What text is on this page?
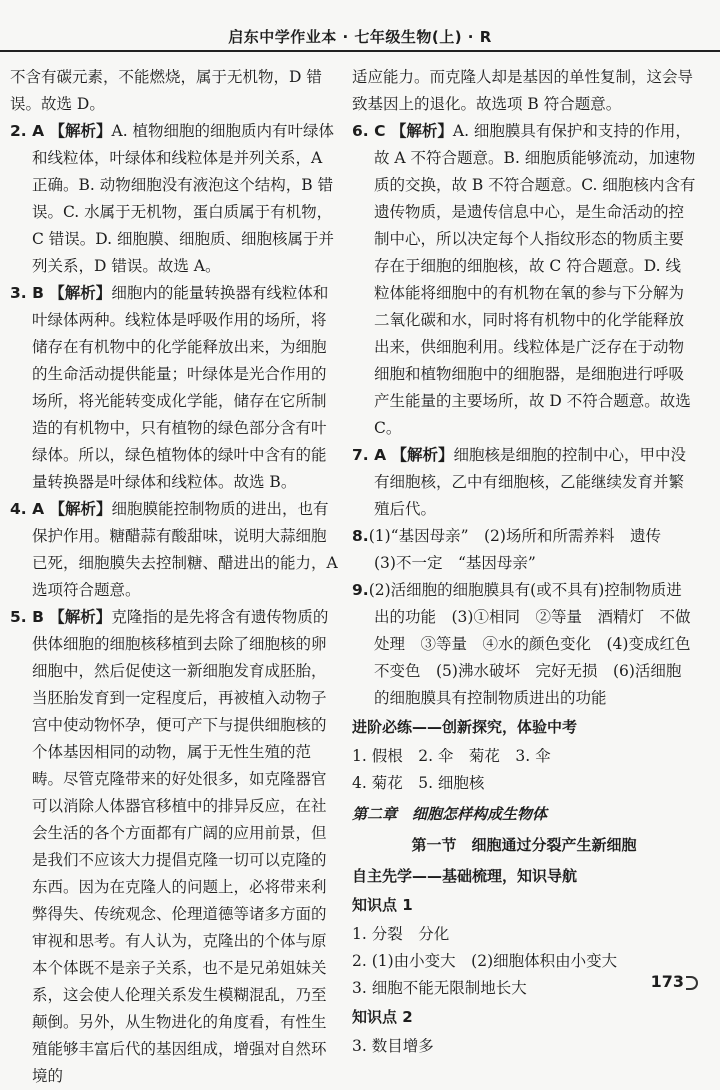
启东中学作业本 · 七年级生物(上) · R

不含有碳元素，不能燃烧，属于无机物，D 错误。故选 D。

2. A 【解析】A. 植物细胞的细胞质内有叶绿体和线粒体，叶绿体和线粒体是并列关系，A 正确。B. 动物细胞没有液泡这个结构，B 错误。C. 水属于无机物，蛋白质属于有机物，C 错误。D. 细胞膜、细胞质、细胞核属于并列关系，D 错误。故选 A。

3. B 【解析】细胞内的能量转换器有线粒体和叶绿体两种。线粒体是呼吸作用的场所，将储存在有机物中的化学能释放出来，为细胞的生命活动提供能量；叶绿体是光合作用的场所，将光能转变成化学能，储存在它所制造的有机物中，只有植物的绿色部分含有叶绿体。所以，绿色植物体的绿叶中含有的能量转换器是叶绿体和线粒体。故选 B。

4. A 【解析】细胞膜能控制物质的进出，也有保护作用。糖醋蒜有酸甜味，说明大蒜细胞已死，细胞膜失去控制糖、醋进出的能力，A 选项符合题意。

5. B 【解析】克隆指的是先将含有遗传物质的供体细胞的细胞核移植到去除了细胞核的卵细胞中，然后促使这一新细胞发育成胚胎，当胚胎发育到一定程度后，再被植入动物子宫中使动物怀孕，便可产下与提供细胞核的个体基因相同的动物，属于无性生殖的范畴。尽管克隆带来的好处很多，如克隆器官可以消除人体器官移植中的排异反应，在社会生活的各个方面都有广阔的应用前景，但是我们不应该大力提倡克隆一切可以克隆的东西。因为在克隆人的问题上，必将带来利弊得失、传统观念、伦理道德等诸多方面的审视和思考。有人认为，克隆出的个体与原本个体既不是亲子关系，也不是兄弟姐妹关系，这会使人伦理关系发生模糊混乱，乃至颠倒。另外，从生物进化的角度看，有性生殖能够丰富后代的基因组成，增强对自然环境的

适应能力。而克隆人却是基因的单性复制，这会导致基因上的退化。故选项 B 符合题意。

6. C 【解析】A. 细胞膜具有保护和支持的作用，故 A 不符合题意。B. 细胞质能够流动，加速物质的交换，故 B 不符合题意。C. 细胞核内含有遗传物质，是遗传信息中心，是生命活动的控制中心，所以决定每个人指纹形态的物质主要存在于细胞的细胞核，故 C 符合题意。D. 线粒体能将细胞中的有机物在氧的参与下分解为二氧化碳和水，同时将有机物中的化学能释放出来，供细胞利用。线粒体是广泛存在于动物细胞和植物细胞中的细胞器，是细胞进行呼吸产生能量的主要场所，故 D 不符合题意。故选 C。

7. A 【解析】细胞核是细胞的控制中心，甲中没有细胞核，乙中有细胞核，乙能继续发育并繁殖后代。

8.(1)“基因母亲”　(2)场所和所需养料　遗传　(3)不一定　“基因母亲”

9.(2)活细胞的细胞膜具有(或不具有)控制物质进出的功能　(3)①相同　②等量　酒精灯　不做处理　③等量　④水的颜色变化　(4)变成红色　不变色　(5)沸水破坏　完好无损　(6)活细胞的细胞膜具有控制物质进出的功能

进阶必练——创新探究，体验中考

1. 假根　2. 伞　菊花　3. 伞

4. 菊花　5. 细胞核

第二章　细胞怎样构成生物体

第一节　细胞通过分裂产生新细胞

自主先学——基础梳理，知识导航

知识点 1

1. 分裂　分化

2. (1)由小变大　(2)细胞体积由小变大

3. 细胞不能无限制地长大

知识点 2

3. 数目增多

173
